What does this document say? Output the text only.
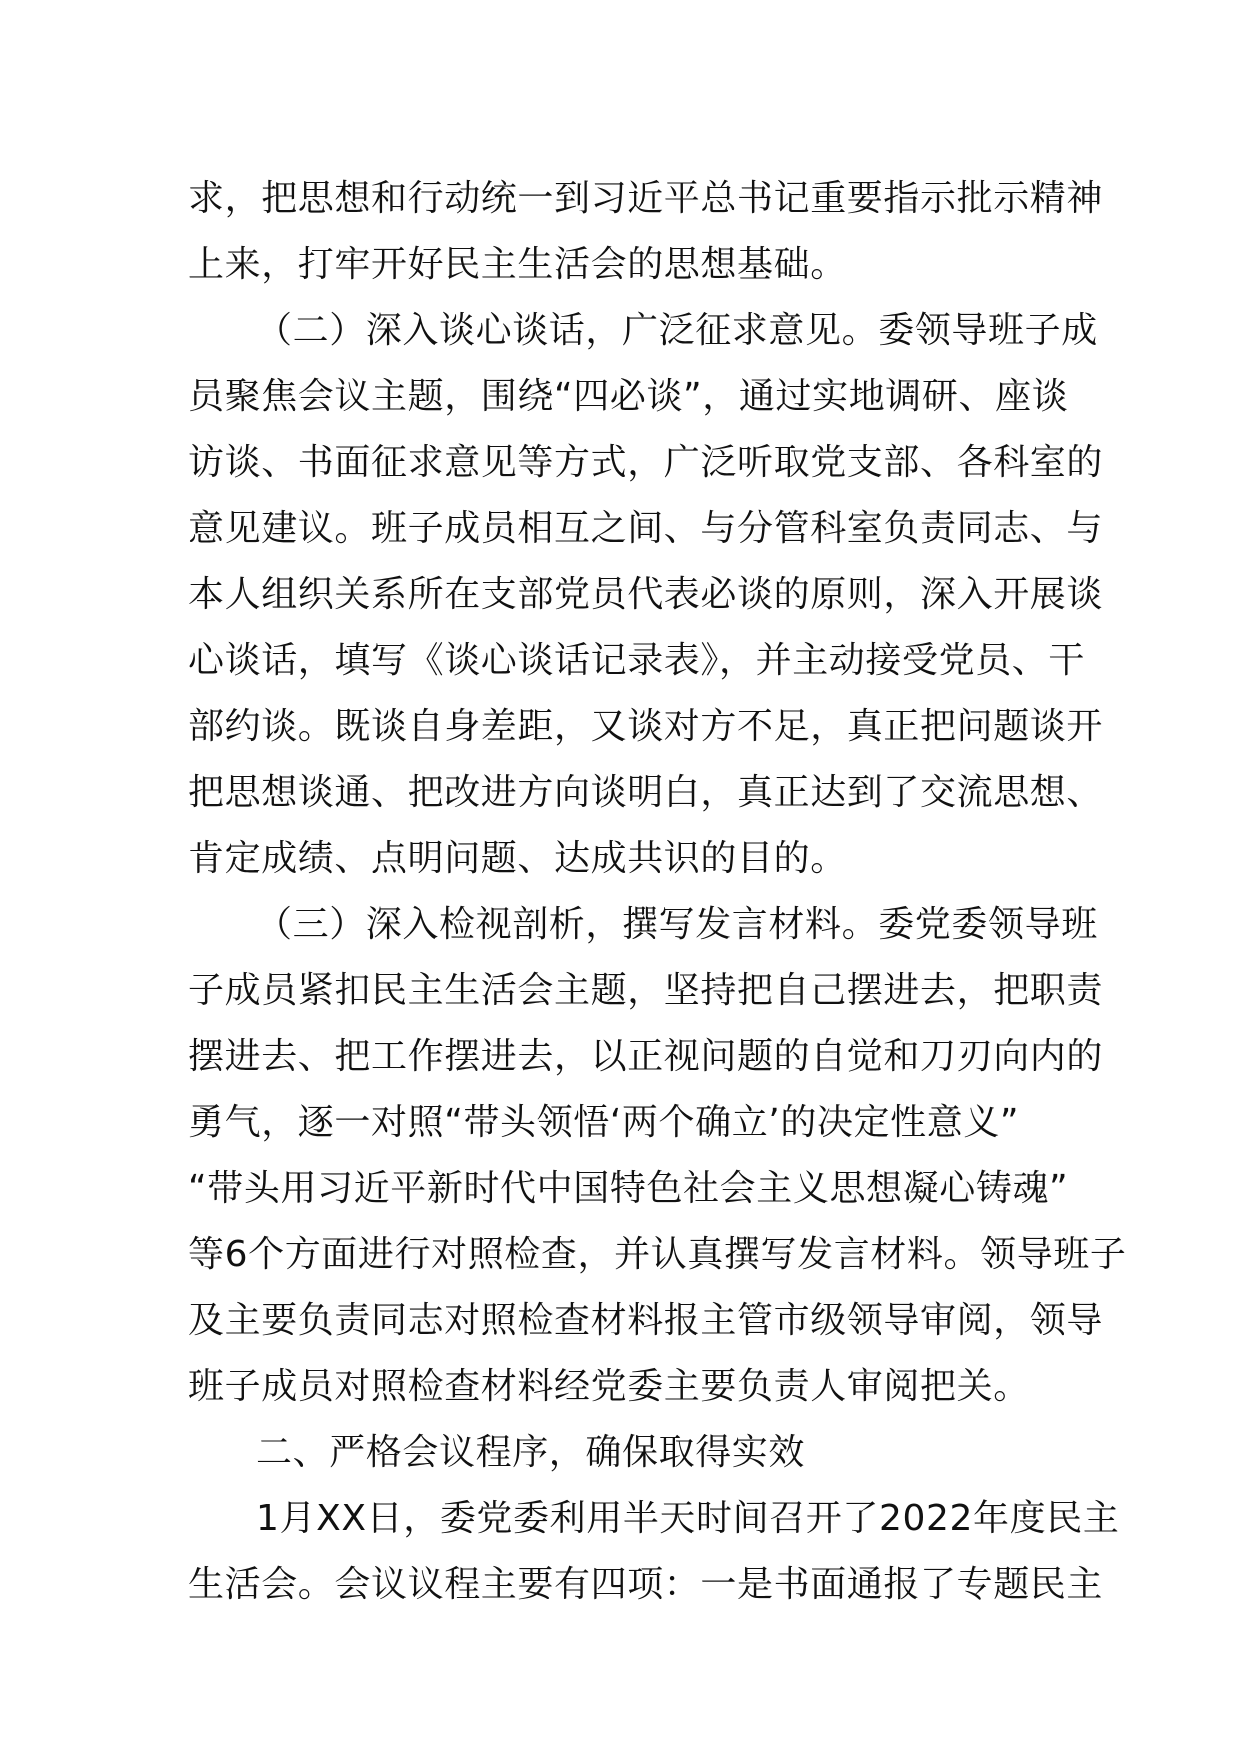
求，把思想和行动统一到习近平总书记重要指示批示精神
上来，打牢开好民主生活会的思想基础。
（二）深入谈心谈话，广泛征求意见。委领导班子成
员聚焦会议主题，围绕“四必谈”，通过实地调研、座谈
访谈、书面征求意见等方式，广泛听取党支部、各科室的
意见建议。班子成员相互之间、与分管科室负责同志、与
本人组织关系所在支部党员代表必谈的原则，深入开展谈
心谈话，填写《谈心谈话记录表》，并主动接受党员、干
部约谈。既谈自身差距，又谈对方不足，真正把问题谈开
把思想谈通、把改进方向谈明白，真正达到了交流思想、
肯定成绩、点明问题、达成共识的目的。
（三）深入检视剖析，撰写发言材料。委党委领导班
子成员紧扣民主生活会主题，坚持把自己摆进去，把职责
摆进去、把工作摆进去，以正视问题的自觉和刀刃向内的
勇气，逐一对照“带头领悟‘两个确立’的决定性意义”
“带头用习近平新时代中国特色社会主义思想凝心铸魂”
等6个方面进行对照检查，并认真撰写发言材料。领导班子
及主要负责同志对照检查材料报主管市级领导审阅，领导
班子成员对照检查材料经党委主要负责人审阅把关。
二、严格会议程序，确保取得实效
1月XX日，委党委利用半天时间召开了2022年度民主
生活会。会议议程主要有四项：一是书面通报了专题民主
